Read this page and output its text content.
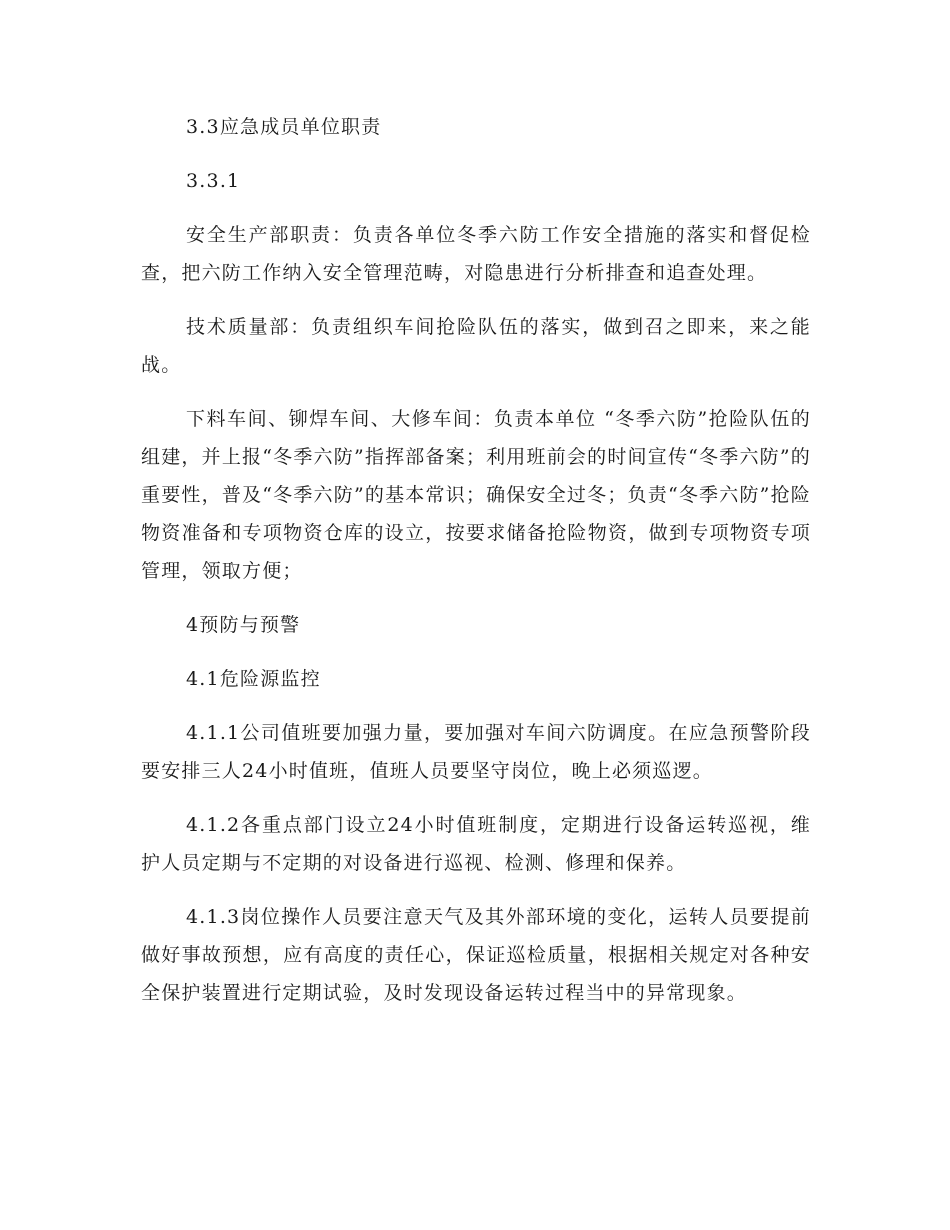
3.3应急成员单位职责

3.3.1

安全生产部职责：负责各单位冬季六防工作安全措施的落实和督促检查，把六防工作纳入安全管理范畴，对隐患进行分析排查和追查处理。

技术质量部：负责组织车间抢险队伍的落实，做到召之即来，来之能战。

下料车间、铆焊车间、大修车间：负责本单位 “冬季六防”抢险队伍的组建，并上报“冬季六防”指挥部备案；利用班前会的时间宣传“冬季六防”的重要性，普及“冬季六防”的基本常识；确保安全过冬；负责“冬季六防”抢险物资准备和专项物资仓库的设立，按要求储备抢险物资，做到专项物资专项管理，领取方便；

4预防与预警

4.1危险源监控

4.1.1公司值班要加强力量，要加强对车间六防调度。在应急预警阶段要安排三人24小时值班，值班人员要坚守岗位，晚上必须巡逻。

4.1.2各重点部门设立24小时值班制度，定期进行设备运转巡视，维护人员定期与不定期的对设备进行巡视、检测、修理和保养。

4.1.3岗位操作人员要注意天气及其外部环境的变化，运转人员要提前做好事故预想，应有高度的责任心，保证巡检质量，根据相关规定对各种安全保护装置进行定期试验，及时发现设备运转过程当中的异常现象。
